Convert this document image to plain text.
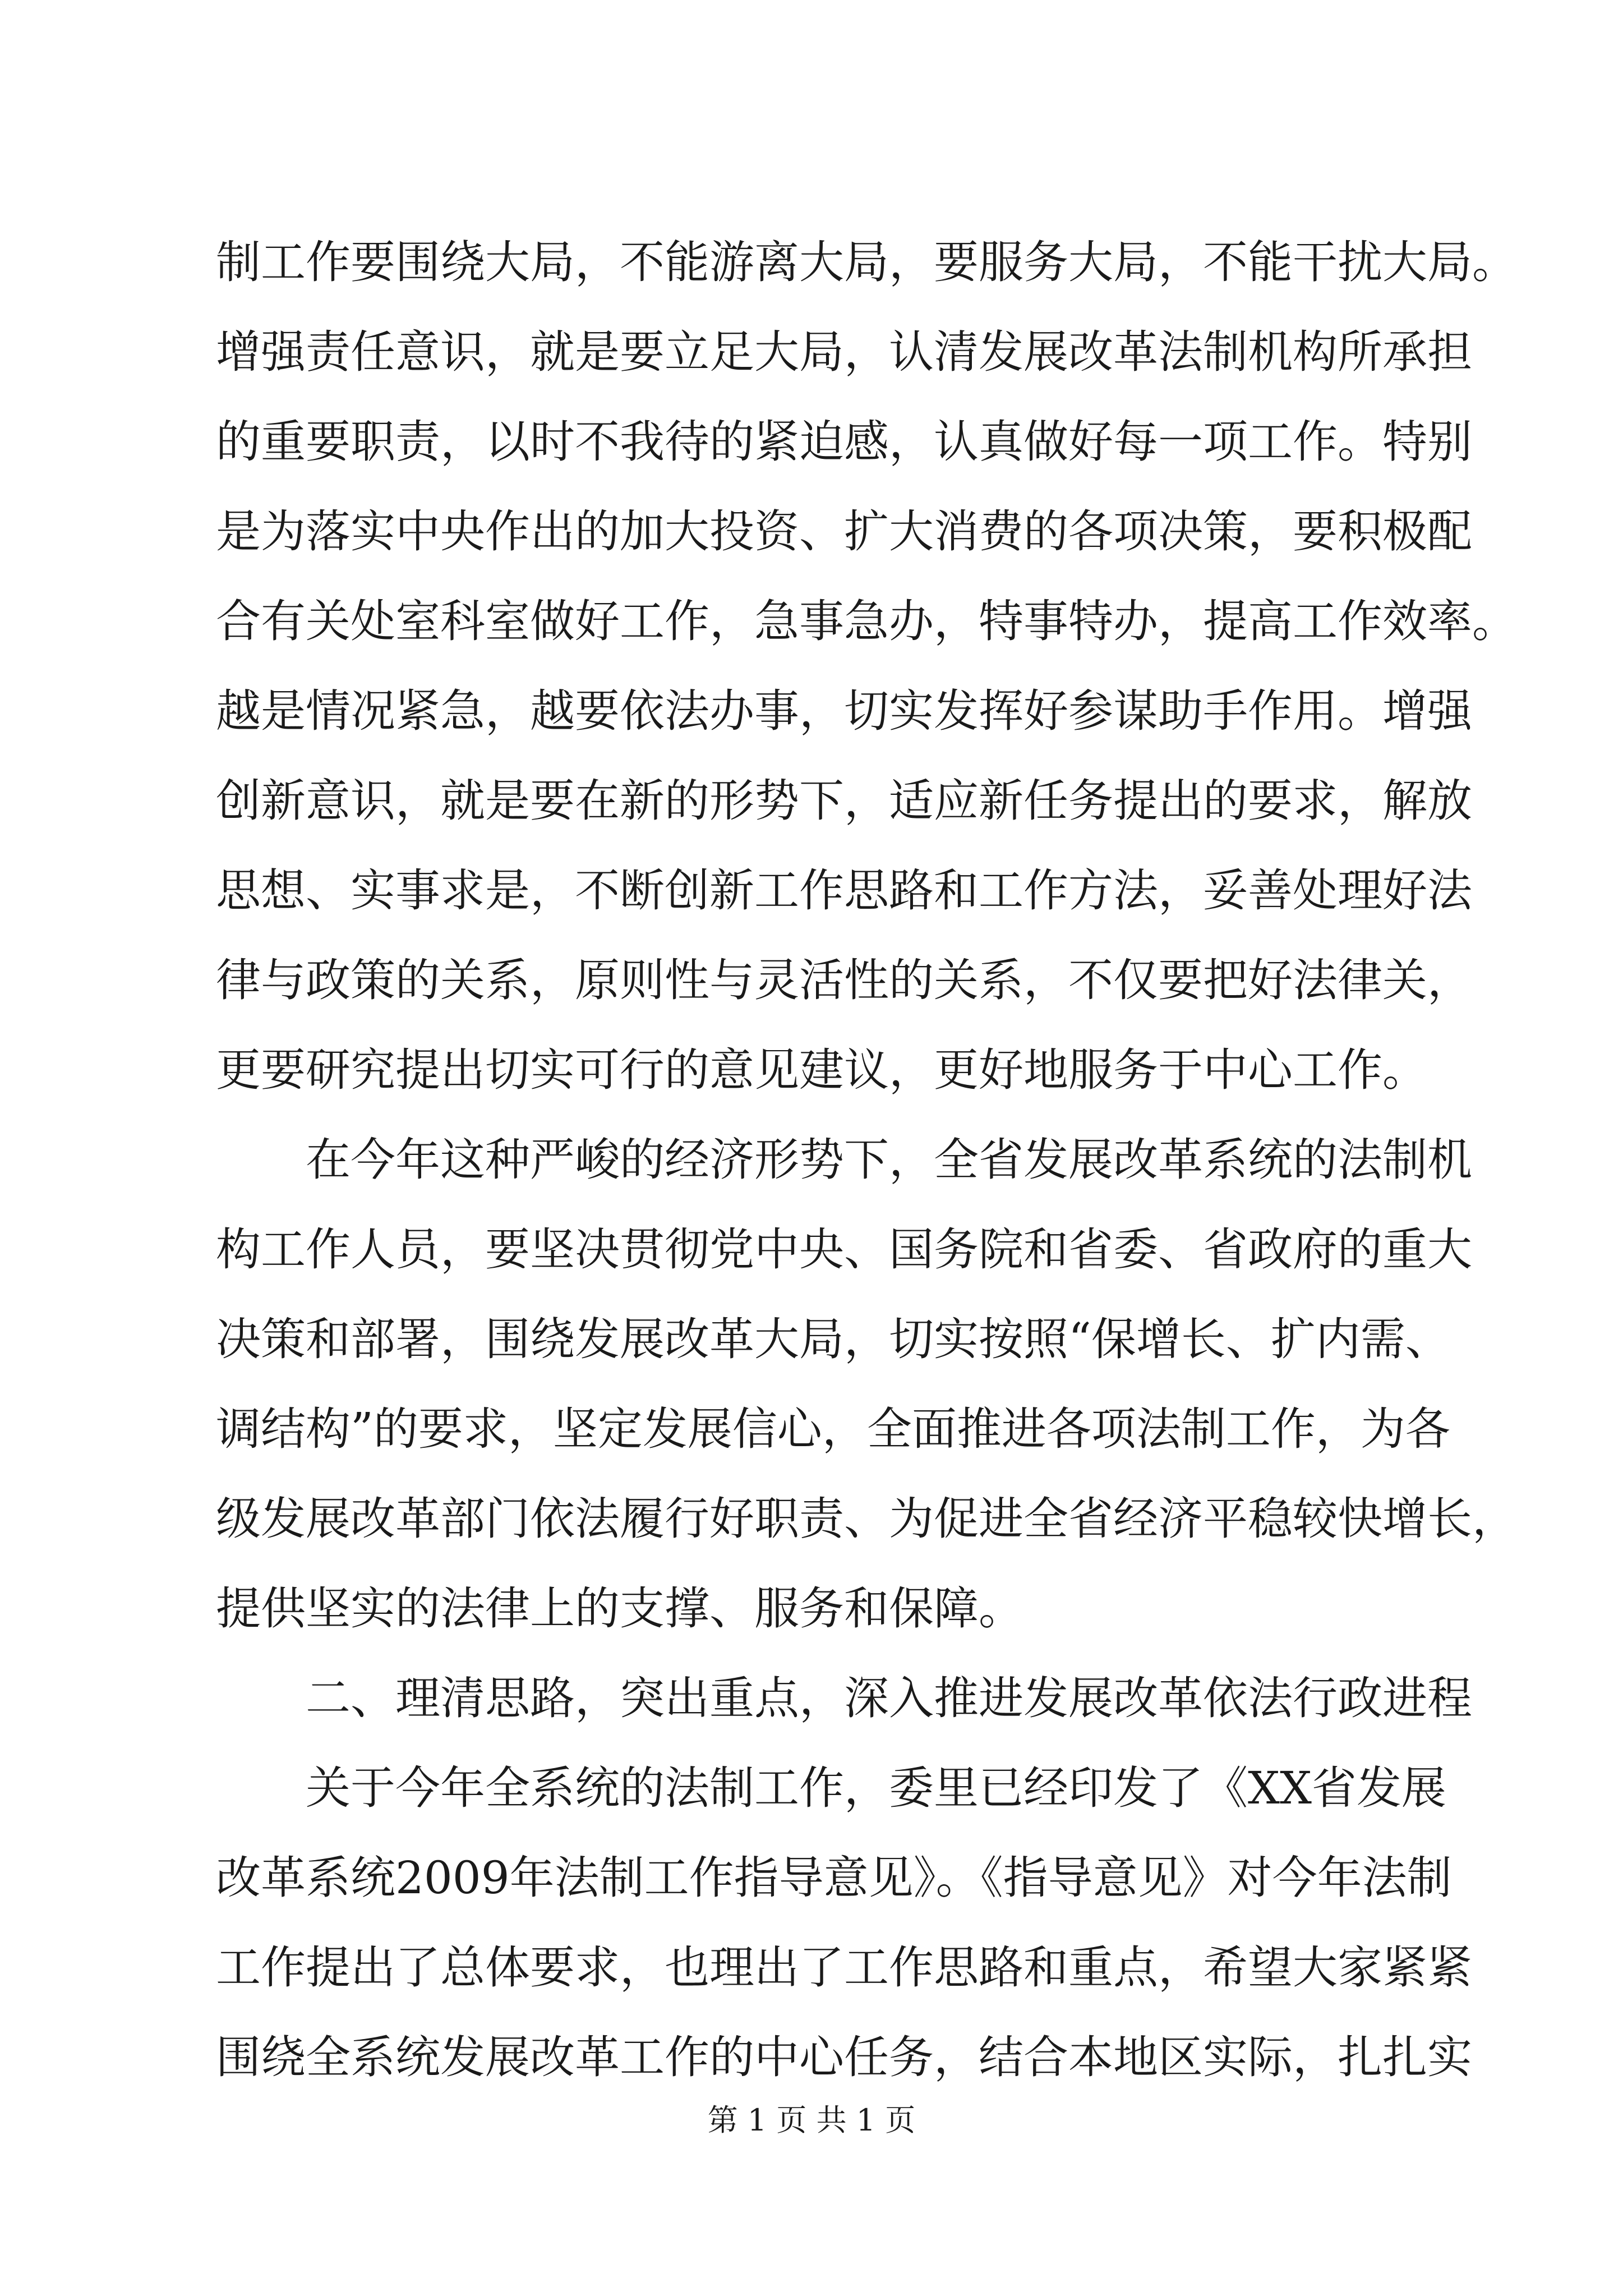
制工作要围绕大局，不能游离大局，要服务大局，不能干扰大局。
增强责任意识，就是要立足大局，认清发展改革法制机构所承担
的重要职责，以时不我待的紧迫感，认真做好每一项工作。特别
是为落实中央作出的加大投资、扩大消费的各项决策，要积极配
合有关处室科室做好工作，急事急办，特事特办，提高工作效率。
越是情况紧急，越要依法办事，切实发挥好参谋助手作用。增强
创新意识，就是要在新的形势下，适应新任务提出的要求，解放
思想、实事求是，不断创新工作思路和工作方法，妥善处理好法
律与政策的关系，原则性与灵活性的关系，不仅要把好法律关，
更要研究提出切实可行的意见建议，更好地服务于中心工作。
在今年这种严峻的经济形势下，全省发展改革系统的法制机
构工作人员，要坚决贯彻党中央、国务院和省委、省政府的重大
决策和部署，围绕发展改革大局，切实按照“保增长、扩内需、
调结构”的要求，坚定发展信心，全面推进各项法制工作，为各
级发展改革部门依法履行好职责、为促进全省经济平稳较快增长，
提供坚实的法律上的支撑、服务和保障。
二、理清思路，突出重点，深入推进发展改革依法行政进程
关于今年全系统的法制工作，委里已经印发了《XX省发展
改革系统2009年法制工作指导意见》。《指导意见》对今年法制
工作提出了总体要求，也理出了工作思路和重点，希望大家紧紧
围绕全系统发展改革工作的中心任务，结合本地区实际，扎扎实
第 1 页 共 1 页
